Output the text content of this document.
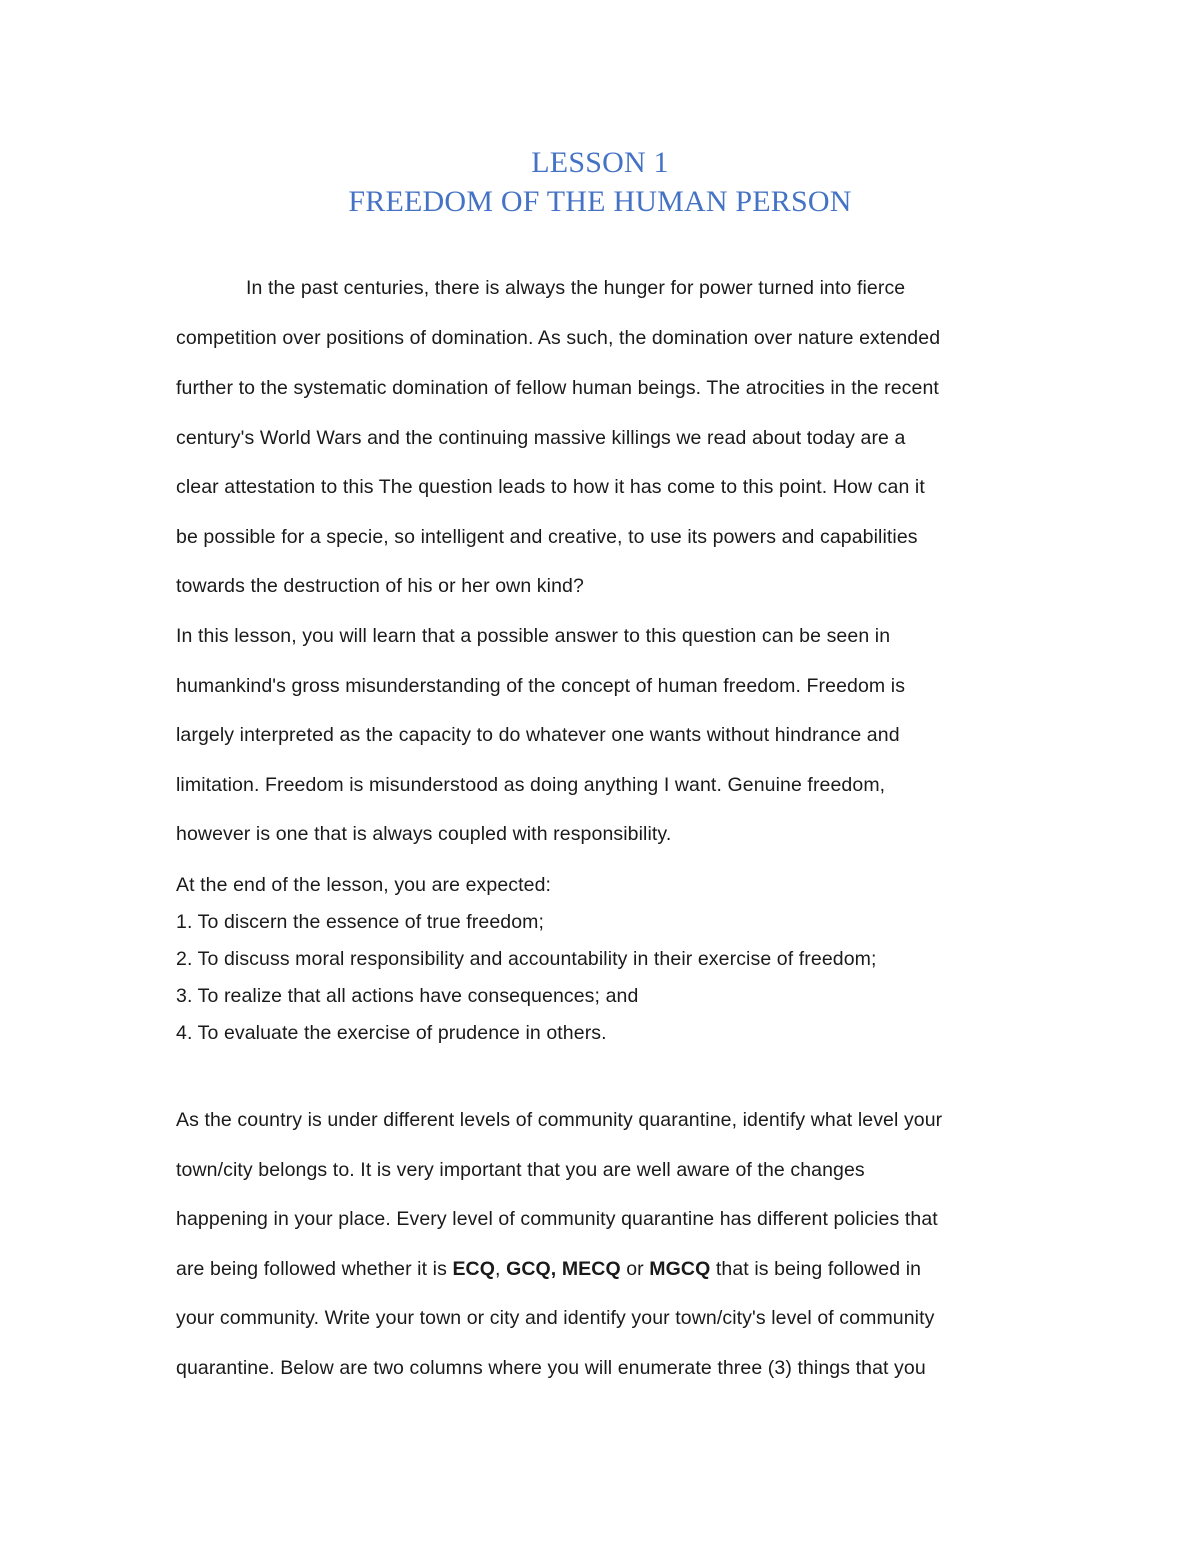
LESSON 1
FREEDOM OF THE HUMAN PERSON
In the past centuries, there is always the hunger for power turned into fierce
competition over positions of domination. As such, the domination over nature extended
further to the systematic domination of fellow human beings. The atrocities in the recent
century's World Wars and the continuing massive killings we read about today are a
clear attestation to this The question leads to how it has come to this point. How can it
be possible for a specie, so intelligent and creative, to use its powers and capabilities
towards the destruction of his or her own kind?
In this lesson, you will learn that a possible answer to this question can be seen in
humankind's gross misunderstanding of the concept of human freedom. Freedom is
largely interpreted as the capacity to do whatever one wants without hindrance and
limitation. Freedom is misunderstood as doing anything I want. Genuine freedom,
however is one that is always coupled with responsibility.
At the end of the lesson, you are expected:
1. To discern the essence of true freedom;
2. To discuss moral responsibility and accountability in their exercise of freedom;
3. To realize that all actions have consequences; and
4. To evaluate the exercise of prudence in others.
As the country is under different levels of community quarantine, identify what level your
town/city belongs to. It is very important that you are well aware of the changes
happening in your place. Every level of community quarantine has different policies that
are being followed whether it is ECQ, GCQ, MECQ or MGCQ that is being followed in
your community. Write your town or city and identify your town/city's level of community
quarantine. Below are two columns where you will enumerate three (3) things that you
